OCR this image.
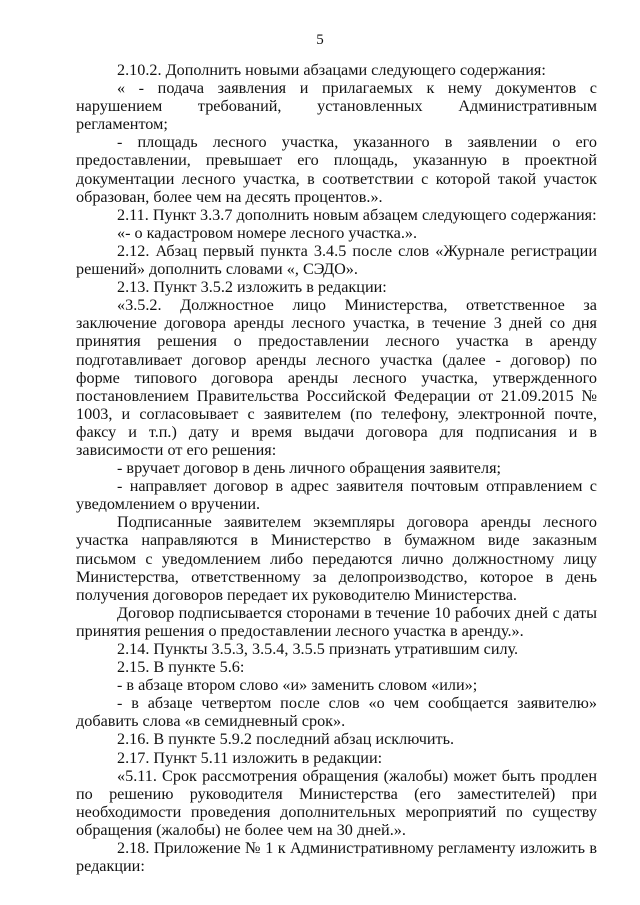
5

2.10.2. Дополнить новыми абзацами следующего содержания:

« - подача заявления и прилагаемых к нему документов с нарушением требований, установленных Административным регламентом;

- площадь лесного участка, указанного в заявлении о его предоставлении, превышает его площадь, указанную в проектной документации лесного участка, в соответствии с которой такой участок образован, более чем на десять процентов.».

2.11. Пункт 3.3.7 дополнить новым абзацем следующего содержания:

«- о кадастровом номере лесного участка.».

2.12. Абзац первый пункта 3.4.5 после слов «Журнале регистрации решений» дополнить словами «, СЭДО».

2.13. Пункт 3.5.2 изложить в редакции:

«3.5.2. Должностное лицо Министерства, ответственное за заключение договора аренды лесного участка, в течение 3 дней со дня принятия решения о предоставлении лесного участка в аренду подготавливает договор аренды лесного участка (далее - договор) по форме типового договора аренды лесного участка, утвержденного постановлением Правительства Российской Федерации от 21.09.2015 № 1003, и согласовывает с заявителем (по телефону, электронной почте, факсу и т.п.) дату и время выдачи договора для подписания и в зависимости от его решения:

- вручает договор в день личного обращения заявителя;

- направляет договор в адрес заявителя почтовым отправлением с уведомлением о вручении.

Подписанные заявителем экземпляры договора аренды лесного участка направляются в Министерство в бумажном виде заказным письмом с уведомлением либо передаются лично должностному лицу Министерства, ответственному за делопроизводство, которое в день получения договоров передает их руководителю Министерства.

Договор подписывается сторонами в течение 10 рабочих дней с даты принятия решения о предоставлении лесного участка в аренду.».

2.14. Пункты 3.5.3, 3.5.4, 3.5.5 признать утратившим силу.

2.15. В пункте 5.6:

- в абзаце втором слово «и» заменить словом «или»;

- в абзаце четвертом после слов «о чем сообщается заявителю» добавить слова «в семидневный срок».

2.16. В пункте 5.9.2 последний абзац исключить.

2.17. Пункт 5.11 изложить в редакции:

«5.11. Срок рассмотрения обращения (жалобы) может быть продлен по решению руководителя Министерства (его заместителей) при необходимости проведения дополнительных мероприятий по существу обращения (жалобы) не более чем на 30 дней.».

2.18. Приложение № 1 к Административному регламенту изложить в редакции:
